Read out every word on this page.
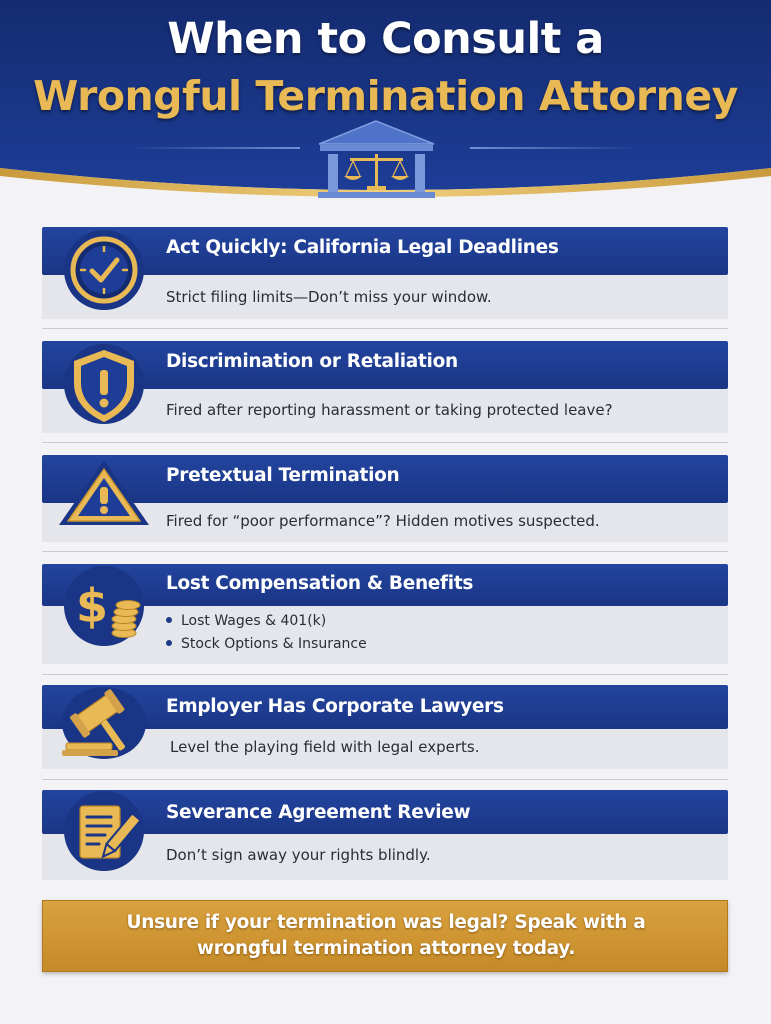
When to Consult a
Wrongful Termination Attorney
Act Quickly: California Legal Deadlines
Strict filing limits—Don’t miss your window.
Discrimination or Retaliation
Fired after reporting harassment or taking protected leave?
Pretextual Termination
Fired for “poor performance”? Hidden motives suspected.
$	Lost Compensation & Benefits
Lost Wages & 401(k)
Stock Options & Insurance
Employer Has Corporate Lawyers
Level the playing field with legal experts.
Severance Agreement Review
Don’t sign away your rights blindly.
Unsure if your termination was legal? Speak with a
wrongful termination attorney today.
